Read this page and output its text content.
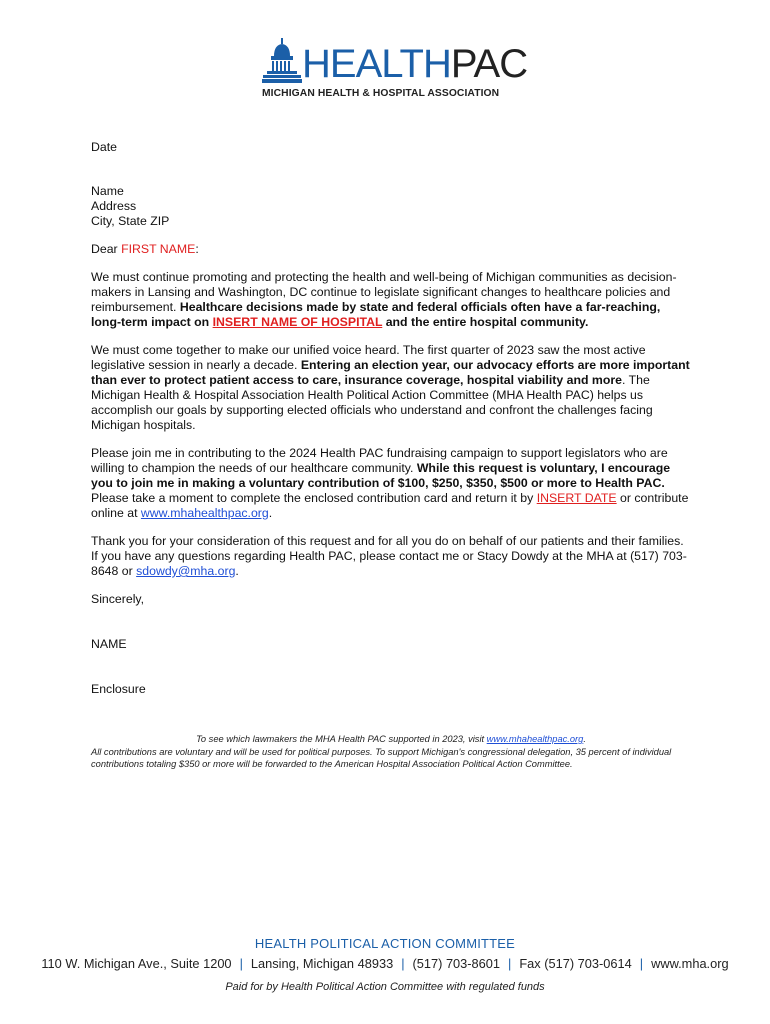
HEALTHPAC
MICHIGAN HEALTH & HOSPITAL ASSOCIATION

Date

Name

Address

City, State ZIP

Dear FIRST NAME:

We must continue promoting and protecting the health and well-being of Michigan communities as decision-makers in Lansing and Washington, DC continue to legislate significant changes to healthcare policies and reimbursement. Healthcare decisions made by state and federal officials often have a far-reaching, long-term impact on INSERT NAME OF HOSPITAL and the entire hospital community.

We must come together to make our unified voice heard. The first quarter of 2023 saw the most active legislative session in nearly a decade. Entering an election year, our advocacy efforts are more important than ever to protect patient access to care, insurance coverage, hospital viability and more. The Michigan Health & Hospital Association Health Political Action Committee (MHA Health PAC) helps us accomplish our goals by supporting elected officials who understand and confront the challenges facing Michigan hospitals.

Please join me in contributing to the 2024 Health PAC fundraising campaign to support legislators who are willing to champion the needs of our healthcare community. While this request is voluntary, I encourage you to join me in making a voluntary contribution of $100, $250, $350, $500 or more to Health PAC. Please take a moment to complete the enclosed contribution card and return it by INSERT DATE or contribute online at www.mhahealthpac.org.

Thank you for your consideration of this request and for all you do on behalf of our patients and their families. If you have any questions regarding Health PAC, please contact me or Stacy Dowdy at the MHA at (517) 703-8648 or sdowdy@mha.org.

Sincerely,

NAME

Enclosure

To see which lawmakers the MHA Health PAC supported in 2023, visit www.mhahealthpac.org.
All contributions are voluntary and will be used for political purposes. To support Michigan's congressional delegation, 35 percent of individual contributions totaling $350 or more will be forwarded to the American Hospital Association Political Action Committee.
HEALTH POLITICAL ACTION COMMITTEE
110 W. Michigan Ave., Suite 1200 | Lansing, Michigan 48933 | (517) 703-8601 | Fax (517) 703-0614 | www.mha.org
Paid for by Health Political Action Committee with regulated funds
